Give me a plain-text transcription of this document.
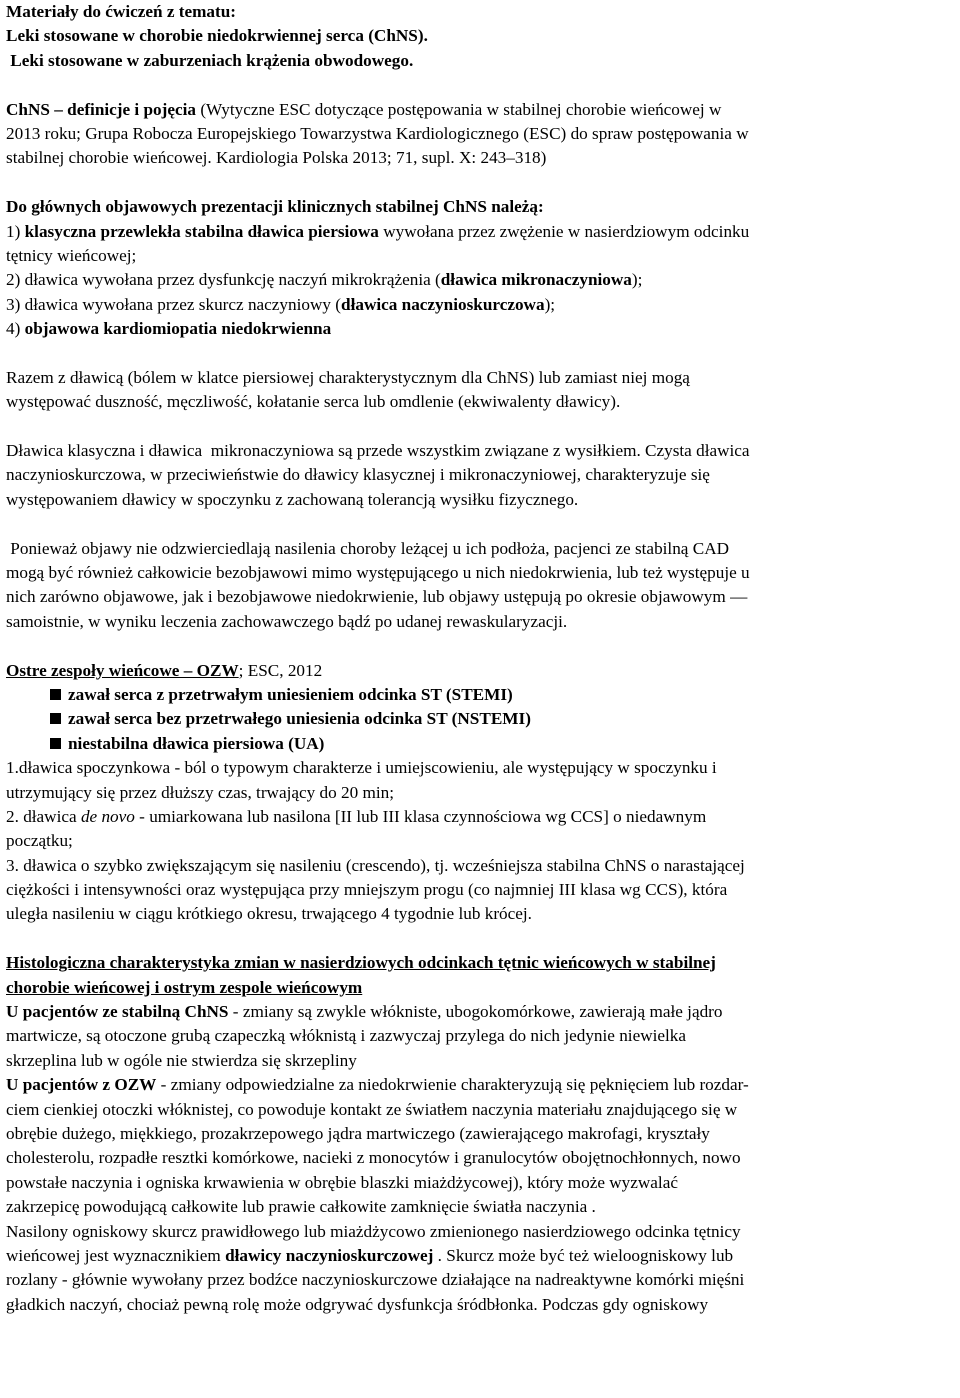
Materiały do ćwiczeń z tematu:
Leki stosowane w chorobie niedokrwiennej serca (ChNS).
Leki stosowane w zaburzeniach krążenia obwodowego.
ChNS – definicje i pojęcia (Wytyczne ESC dotyczące postępowania w stabilnej chorobie wieńcowej w
2013 roku; Grupa Robocza Europejskiego Towarzystwa Kardiologicznego (ESC) do spraw postępowania w
stabilnej chorobie wieńcowej. Kardiologia Polska 2013; 71, supl. X: 243–318)
Do głównych objawowych prezentacji klinicznych stabilnej ChNS należą:
1) klasyczna przewlekła stabilna dławica piersiowa wywołana przez zwężenie w nasierdziowym odcinku
tętnicy wieńcowej;
2) dławica wywołana przez dysfunkcję naczyń mikrokrążenia (dławica mikronaczyniowa);
3) dławica wywołana przez skurcz naczyniowy (dławica naczynioskurczowa);
4) objawowa kardiomiopatia niedokrwienna
Razem z dławicą (bólem w klatce piersiowej charakterystycznym dla ChNS) lub zamiast niej mogą
występować duszność, męczliwość, kołatanie serca lub omdlenie (ekwiwalenty dławicy).
Dławica klasyczna i dławica  mikronaczyniowa są przede wszystkim związane z wysiłkiem. Czysta dławica
naczynioskurczowa, w przeciwieństwie do dławicy klasycznej i mikronaczyniowej, charakteryzuje się
występowaniem dławicy w spoczynku z zachowaną tolerancją wysiłku fizycznego.
Ponieważ objawy nie odzwierciedlają nasilenia choroby leżącej u ich podłoża, pacjenci ze stabilną CAD
mogą być również całkowicie bezobjawowi mimo występującego u nich niedokrwienia, lub też występuje u
nich zarówno objawowe, jak i bezobjawowe niedokrwienie, lub objawy ustępują po okresie objawowym —
samoistnie, w wyniku leczenia zachowawczego bądź po udanej rewaskularyzacji.
Ostre zespoły wieńcowe – OZW; ESC, 2012
zawał serca z przetrwałym uniesieniem odcinka ST (STEMI)
zawał serca bez przetrwałego uniesienia odcinka ST (NSTEMI)
niestabilna dławica piersiowa (UA)
1.dławica spoczynkowa - ból o typowym charakterze i umiejscowieniu, ale występujący w spoczynku i
utrzymujący się przez dłuższy czas, trwający do 20 min;
2. dławica de novo - umiarkowana lub nasilona [II lub III klasa czynnościowa wg CCS] o niedawnym
początku;
3. dławica o szybko zwiększającym się nasileniu (crescendo), tj. wcześniejsza stabilna ChNS o narastającej
ciężkości i intensywności oraz występująca przy mniejszym progu (co najmniej III klasa wg CCS), która
uległa nasileniu w ciągu krótkiego okresu, trwającego 4 tygodnie lub krócej.
Histologiczna charakterystyka zmian w nasierdziowych odcinkach tętnic wieńcowych w stabilnej
chorobie wieńcowej i ostrym zespole wieńcowym
U pacjentów ze stabilną ChNS - zmiany są zwykle włókniste, ubogokomórkowe, zawierają małe jądro
martwicze, są otoczone grubą czapeczką włóknistą i zazwyczaj przylega do nich jedynie niewielka
skrzeplina lub w ogóle nie stwierdza się skrzepliny
U pacjentów z OZW - zmiany odpowiedzialne za niedokrwienie charakteryzują się pęknięciem lub rozdar-
ciem cienkiej otoczki włóknistej, co powoduje kontakt ze światłem naczynia materiału znajdującego się w
obrębie dużego, miękkiego, prozakrzepowego jądra martwiczego (zawierającego makrofagi, kryształy
cholesterolu, rozpadłe resztki komórkowe, nacieki z monocytów i granulocytów obojętnochłonnych, nowo
powstałe naczynia i ogniska krwawienia w obrębie blaszki miażdżycowej), który może wyzwalać
zakrzepicę powodującą całkowite lub prawie całkowite zamknięcie światła naczynia .
Nasilony ogniskowy skurcz prawidłowego lub miażdżycowo zmienionego nasierdziowego odcinka tętnicy
wieńcowej jest wyznacznikiem dławicy naczynioskurczowej . Skurcz może być też wieloogniskowy lub
rozlany - głównie wywołany przez bodźce naczynioskurczowe działające na nadreaktywne komórki mięśni
gładkich naczyń, chociaż pewną rolę może odgrywać dysfunkcja śródbłonka. Podczas gdy ogniskowy
